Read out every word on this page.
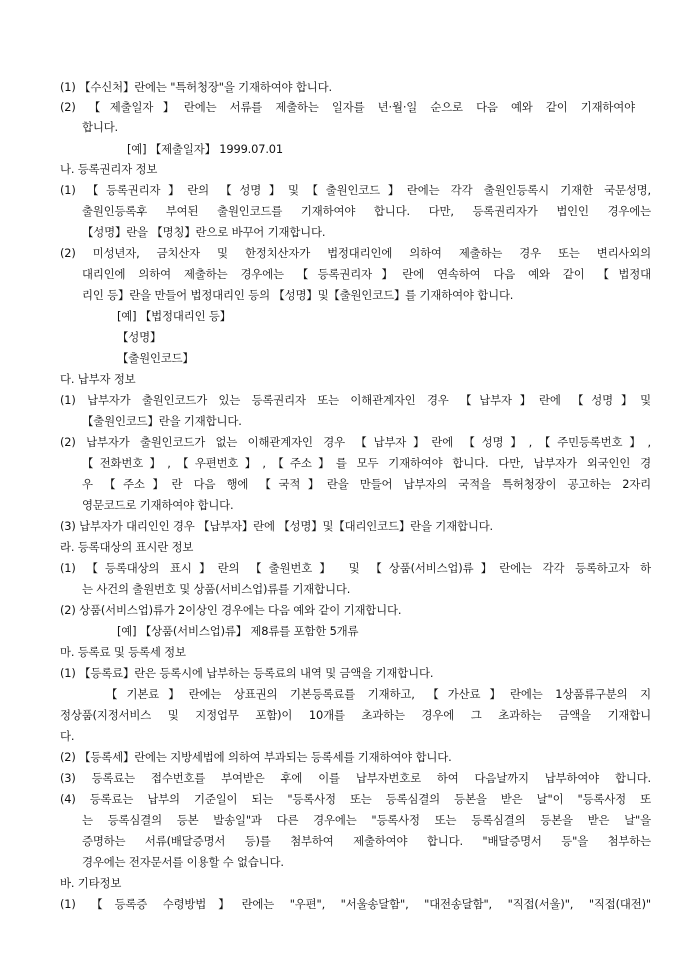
(1) 【수신처】란에는 "특허청장"을 기재하여야 합니다.
(2) 【제출일자】란에는 서류를 제출하는 일자를 년·월·일 순으로 다음 예와 같이 기재하여야
합니다.
[예] 【제출일자】 1999.07.01
나. 등록권리자 정보
(1) 【등록권리자】란의 【성명】및【출원인코드】란에는 각각 출원인등록시 기재한 국문성명,
출원인등록후 부여된 출원인코드를 기재하여야 합니다. 다만, 등록권리자가 법인인 경우에는
【성명】란을 【명칭】란으로 바꾸어 기재합니다.
(2) 미성년자, 금치산자 및 한정치산자가 법정대리인에 의하여 제출하는 경우 또는 변리사외의
대리인에 의하여 제출하는 경우에는 【등록권리자】란에 연속하여 다음 예와 같이 【법정대
리인 등】란을 만들어 법정대리인 등의 【성명】및【출원인코드】를 기재하여야 합니다.
[예] 【법정대리인 등】
【성명】
【출원인코드】
다. 납부자 정보
(1) 납부자가 출원인코드가 있는 등록권리자 또는 이해관계자인 경우 【납부자】란에 【성명】및
【출원인코드】란을 기재합니다.
(2) 납부자가 출원인코드가 없는 이해관계자인 경우 【납부자】란에 【성명】,【주민등록번호】,
【전화번호】,【우편번호】,【주소】를 모두 기재하여야 합니다. 다만, 납부자가 외국인인 경
우 【주소】란 다음 행에 【국적】란을 만들어 납부자의 국적을 특허청장이 공고하는 2자리
영문코드로 기재하여야 합니다.
(3) 납부자가 대리인인 경우 【납부자】란에 【성명】및【대리인코드】란을 기재합니다.
라. 등록대상의 표시란 정보
(1) 【등록대상의 표시】란의 【출원번호】 및 【상품(서비스업)류】란에는 각각 등록하고자 하
는 사건의 출원번호 및 상품(서비스업)류를 기재합니다.
(2) 상품(서비스업)류가 2이상인 경우에는 다음 예와 같이 기재합니다.
[예] 【상품(서비스업)류】 제8류를 포함한 5개류
마. 등록료 및 등록세 정보
(1) 【등록료】란은 등록시에 납부하는 등록료의 내역 및 금액을 기재합니다.
【기본료】란에는 상표권의 기본등록료를 기재하고, 【가산료】란에는 1상품류구분의 지
정상품(지정서비스 및 지정업무 포함)이 10개를 초과하는 경우에 그 초과하는 금액을 기재합니
다.
(2) 【등록세】란에는 지방세법에 의하여 부과되는 등록세를 기재하여야 합니다.
(3) 등록료는 접수번호를 부여받은 후에 이를 납부자번호로 하여 다음날까지 납부하여야 합니다.
(4) 등록료는 납부의 기준일이 되는 "등록사정 또는 등록심결의 등본을 받은 날"이 "등록사정 또
는 등록심결의 등본 발송일"과 다른 경우에는 "등록사정 또는 등록심결의 등본을 받은 날"을
증명하는 서류(배달증명서 등)를 첨부하여 제출하여야 합니다. "배달증명서 등"을 첨부하는
경우에는 전자문서를 이용할 수 없습니다.
바. 기타정보
(1) 【등록증 수령방법】란에는 "우편", "서울송달함", "대전송달함", "직접(서울)", "직접(대전)"
